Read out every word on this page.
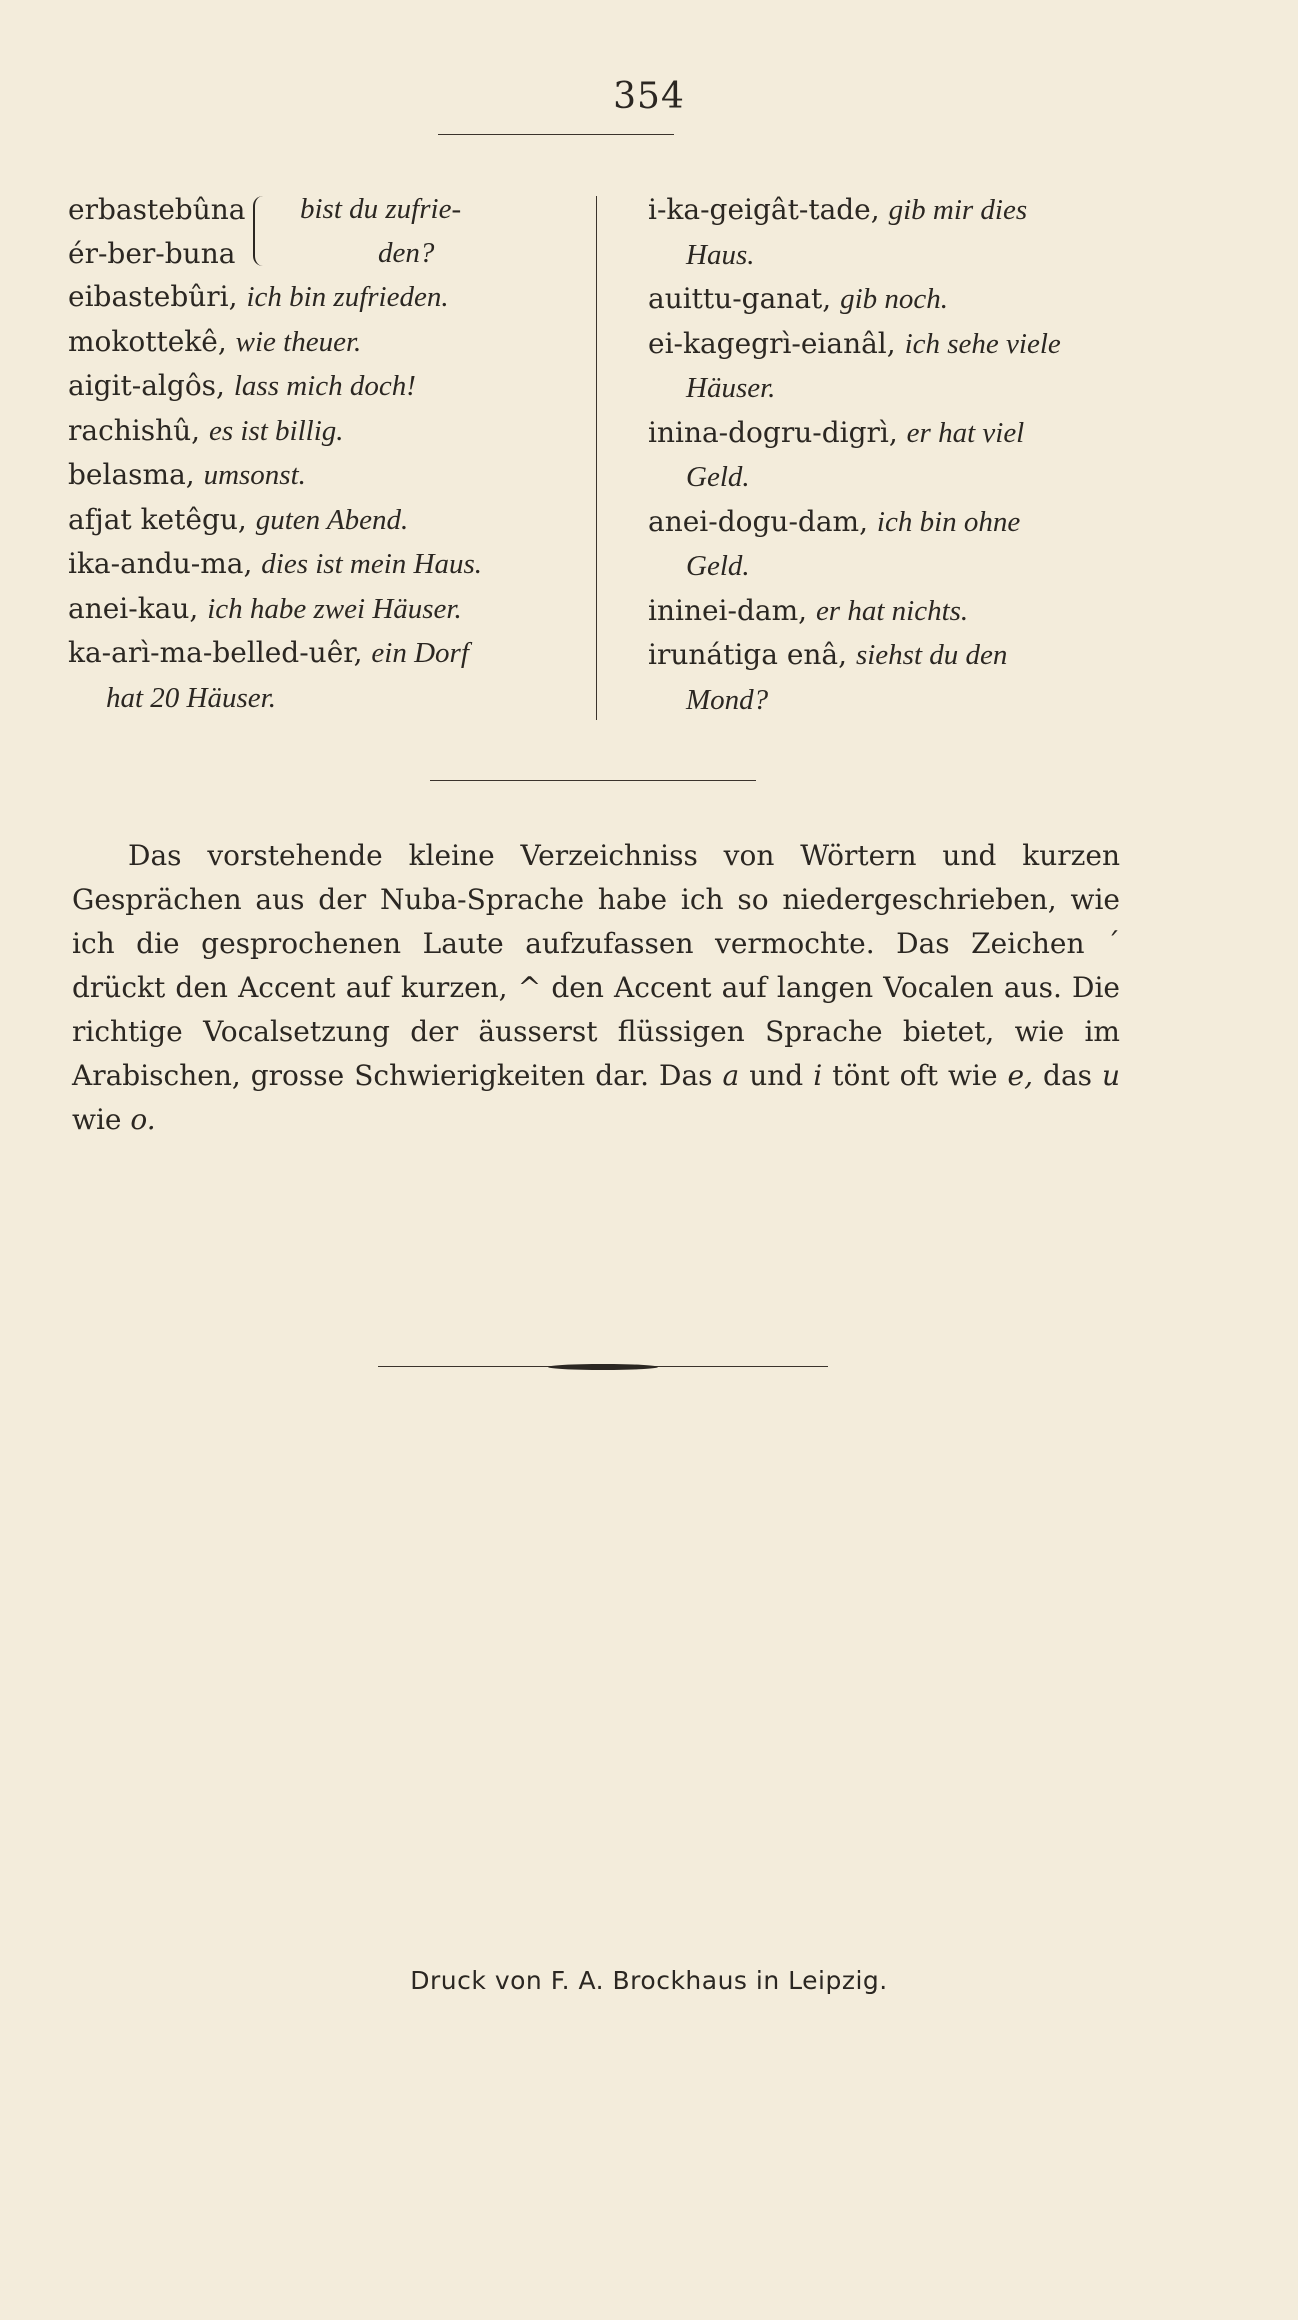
354
erbastebûna
ér-ber-buna
bist du zufrie-
den?
eibastebûri, ich bin zufrieden.
mokottekê, wie theuer.
aigit-algôs, lass mich doch!
rachishû, es ist billig.
belasma, umsonst.
afjat ketêgu, guten Abend.
ika-andu-ma, dies ist mein Haus.
anei-kau, ich habe zwei Häuser.
ka-arì-ma-belled-uêr, ein Dorf
hat 20 Häuser.
i-ka-geigât-tade, gib mir dies
Haus.
auittu-ganat, gib noch.
ei-kagegrì-eianâl, ich sehe viele
Häuser.
inina-dogru-digrì, er hat viel
Geld.
anei-dogu-dam, ich bin ohne
Geld.
ininei-dam, er hat nichts.
irunátiga enâ, siehst du den
Mond?

Das vorstehende kleine Verzeichniss von Wörtern und kurzen Gesprächen aus der Nuba-Sprache habe ich so niedergeschrieben, wie ich die gesprochenen Laute aufzufassen vermochte. Das Zeichen ´ drückt den Accent auf kurzen, ^ den Accent auf langen Vocalen aus. Die richtige Vocalsetzung der äusserst flüssigen Sprache bietet, wie im Arabischen, grosse Schwierigkeiten dar. Das a und i tönt oft wie e, das u wie o.

Druck von F. A. Brockhaus in Leipzig.
